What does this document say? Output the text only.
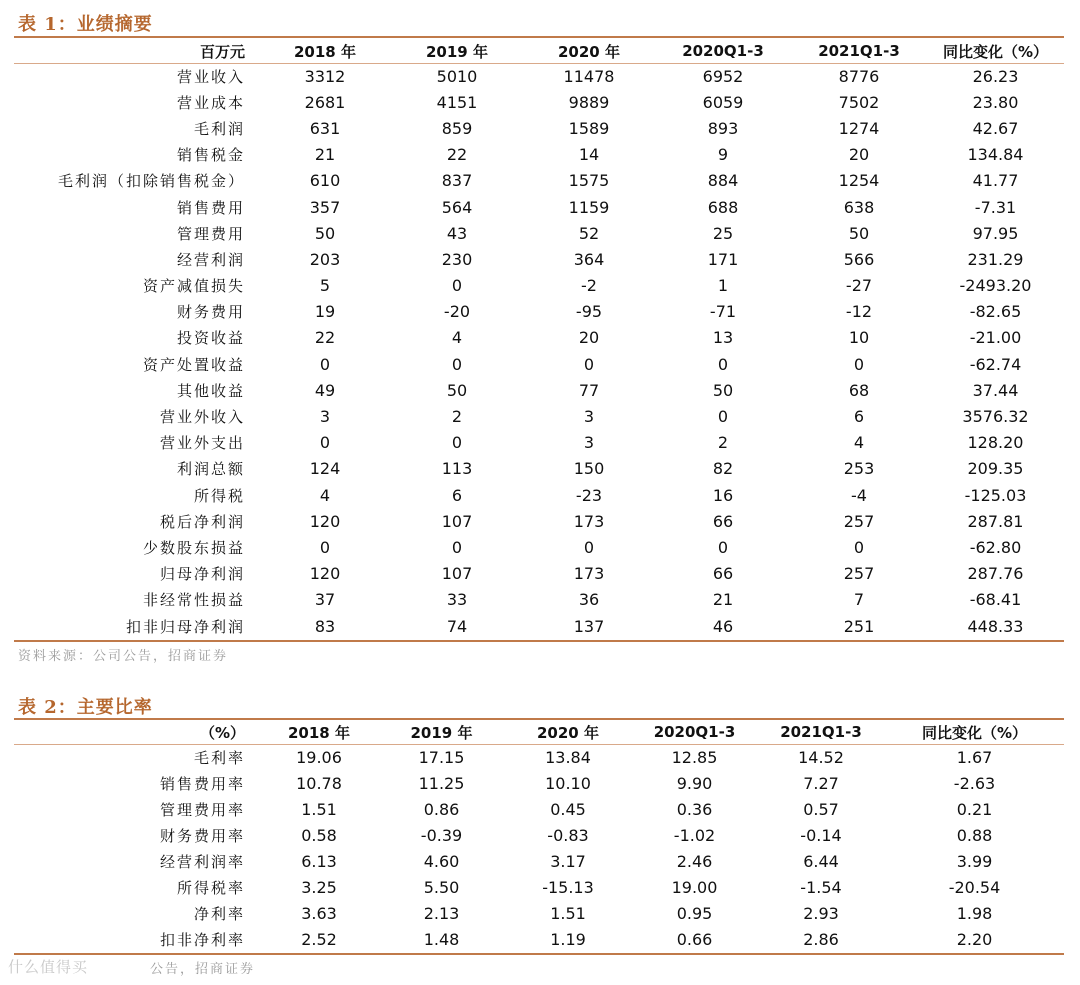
表 1：业绩摘要
百万元	2018 年	2019 年	2020 年	2020Q1-3	2021Q1-3	同比变化（%）
营业收入	3312	5010	11478	6952	8776	26.23
营业成本	2681	4151	9889	6059	7502	23.80
毛利润	631	859	1589	893	1274	42.67
销售税金	21	22	14	9	20	134.84
毛利润（扣除销售税金）	610	837	1575	884	1254	41.77
销售费用	357	564	1159	688	638	-7.31
管理费用	50	43	52	25	50	97.95
经营利润	203	230	364	171	566	231.29
资产减值损失	5	0	-2	1	-27	-2493.20
财务费用	19	-20	-95	-71	-12	-82.65
投资收益	22	4	20	13	10	-21.00
资产处置收益	0	0	0	0	0	-62.74
其他收益	49	50	77	50	68	37.44
营业外收入	3	2	3	0	6	3576.32
营业外支出	0	0	3	2	4	128.20
利润总额	124	113	150	82	253	209.35
所得税	4	6	-23	16	-4	-125.03
税后净利润	120	107	173	66	257	287.81
少数股东损益	0	0	0	0	0	-62.80
归母净利润	120	107	173	66	257	287.76
非经常性损益	37	33	36	21	7	-68.41
扣非归母净利润	83	74	137	46	251	448.33
资料来源：公司公告，招商证券
表 2：主要比率
（%）	2018 年	2019 年	2020 年	2020Q1-3	2021Q1-3	同比变化（%）
毛利率	19.06	17.15	13.84	12.85	14.52	1.67
销售费用率	10.78	11.25	10.10	9.90	7.27	-2.63
管理费用率	1.51	0.86	0.45	0.36	0.57	0.21
财务费用率	0.58	-0.39	-0.83	-1.02	-0.14	0.88
经营利润率	6.13	4.60	3.17	2.46	6.44	3.99
所得税率	3.25	5.50	-15.13	19.00	-1.54	-20.54
净利率	3.63	2.13	1.51	0.95	2.93	1.98
扣非净利率	2.52	1.48	1.19	0.66	2.86	2.20
公告，招商证券
什么值得买
